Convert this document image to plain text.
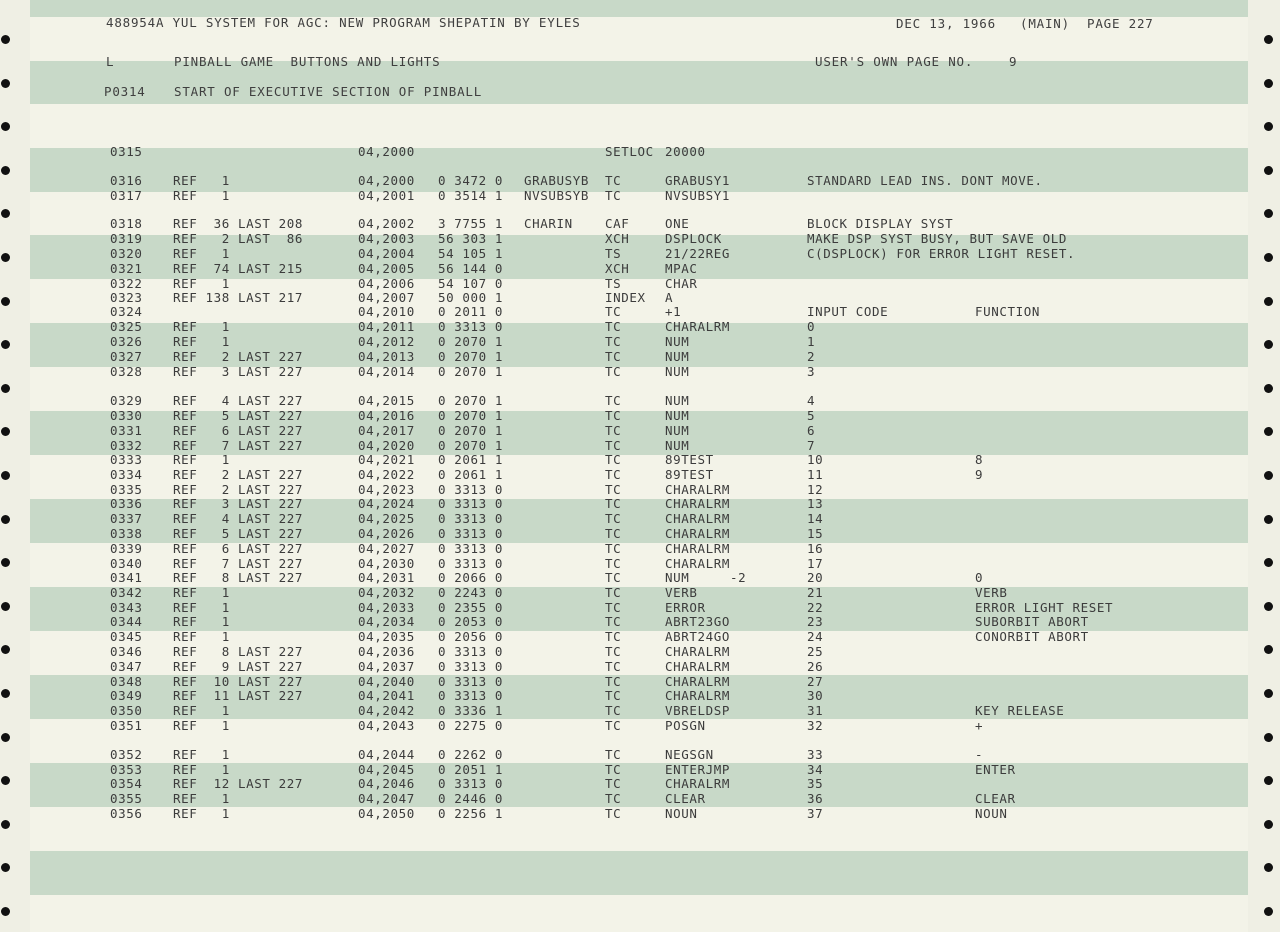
488954A YUL SYSTEM FOR AGC: NEW PROGRAM SHEPATIN BY EYLES	DEC 13, 1966 (MAIN) PAGE 227
L	PINBALL GAME  BUTTONS AND LIGHTS	USER'S OWN PAGE NO.	9
P0314 START OF EXECUTIVE SECTION OF PINBALL
0315	04,2000	SETLOC 20000
0316 REF   1	04,2000 0 3472 0 GRABUSYB TC	GRABUSY1	STANDARD LEAD INS. DONT MOVE.
0317 REF   1	04,2001 0 3514 1 NVSUBSYB TC	NVSUBSY1
0318 REF  36 LAST 208	04,2002 3 7755 1 CHARIN	CAF	ONE	BLOCK DISPLAY SYST
0319 REF   2 LAST  86	04,2003 56 303 1	XCH	DSPLOCK	MAKE DSP SYST BUSY, BUT SAVE OLD
0320 REF   1	04,2004 54 105 1	TS	21/22REG	C(DSPLOCK) FOR ERROR LIGHT RESET.
0321 REF  74 LAST 215	04,2005 56 144 0	XCH	MPAC
0322 REF   1	04,2006 54 107 0	TS	CHAR
0323 REF 138 LAST 217	04,2007 50 000 1	INDEX A
0324	04,2010 0 2011 0	TC	+1	INPUT CODE	FUNCTION
0325 REF   1	04,2011 0 3313 0	TC	CHARALRM	0
0326 REF   1	04,2012 0 2070 1	TC	NUM	1
0327 REF   2 LAST 227	04,2013 0 2070 1	TC	NUM	2
0328 REF   3 LAST 227	04,2014 0 2070 1	TC	NUM	3
0329 REF   4 LAST 227	04,2015 0 2070 1	TC	NUM	4
0330 REF   5 LAST 227	04,2016 0 2070 1	TC	NUM	5
0331 REF   6 LAST 227	04,2017 0 2070 1	TC	NUM	6
0332 REF   7 LAST 227	04,2020 0 2070 1	TC	NUM	7
0333 REF   1	04,2021 0 2061 1	TC	89TEST	10	8
0334 REF   2 LAST 227	04,2022 0 2061 1	TC	89TEST	11	9
0335 REF   2 LAST 227	04,2023 0 3313 0	TC	CHARALRM	12
0336 REF   3 LAST 227	04,2024 0 3313 0	TC	CHARALRM	13
0337 REF   4 LAST 227	04,2025 0 3313 0	TC	CHARALRM	14
0338 REF   5 LAST 227	04,2026 0 3313 0	TC	CHARALRM	15
0339 REF   6 LAST 227	04,2027 0 3313 0	TC	CHARALRM	16
0340 REF   7 LAST 227	04,2030 0 3313 0	TC	CHARALRM	17
0341 REF   8 LAST 227	04,2031 0 2066 0	TC	NUM     -2	20	0
0342 REF   1	04,2032 0 2243 0	TC	VERB	21	VERB
0343 REF   1	04,2033 0 2355 0	TC	ERROR	22	ERROR LIGHT RESET
0344 REF   1	04,2034 0 2053 0	TC	ABRT23GO	23	SUBORBIT ABORT
0345 REF   1	04,2035 0 2056 0	TC	ABRT24GO	24	CONORBIT ABORT
0346 REF   8 LAST 227	04,2036 0 3313 0	TC	CHARALRM	25
0347 REF   9 LAST 227	04,2037 0 3313 0	TC	CHARALRM	26
0348 REF  10 LAST 227	04,2040 0 3313 0	TC	CHARALRM	27
0349 REF  11 LAST 227	04,2041 0 3313 0	TC	CHARALRM	30
0350 REF   1	04,2042 0 3336 1	TC	VBRELDSP	31	KEY RELEASE
0351 REF   1	04,2043 0 2275 0	TC	POSGN	32	+
0352 REF   1	04,2044 0 2262 0	TC	NEGSGN	33	-
0353 REF   1	04,2045 0 2051 1	TC	ENTERJMP	34	ENTER
0354 REF  12 LAST 227	04,2046 0 3313 0	TC	CHARALRM	35
0355 REF   1	04,2047 0 2446 0	TC	CLEAR	36	CLEAR
0356 REF   1	04,2050 0 2256 1	TC	NOUN	37	NOUN
